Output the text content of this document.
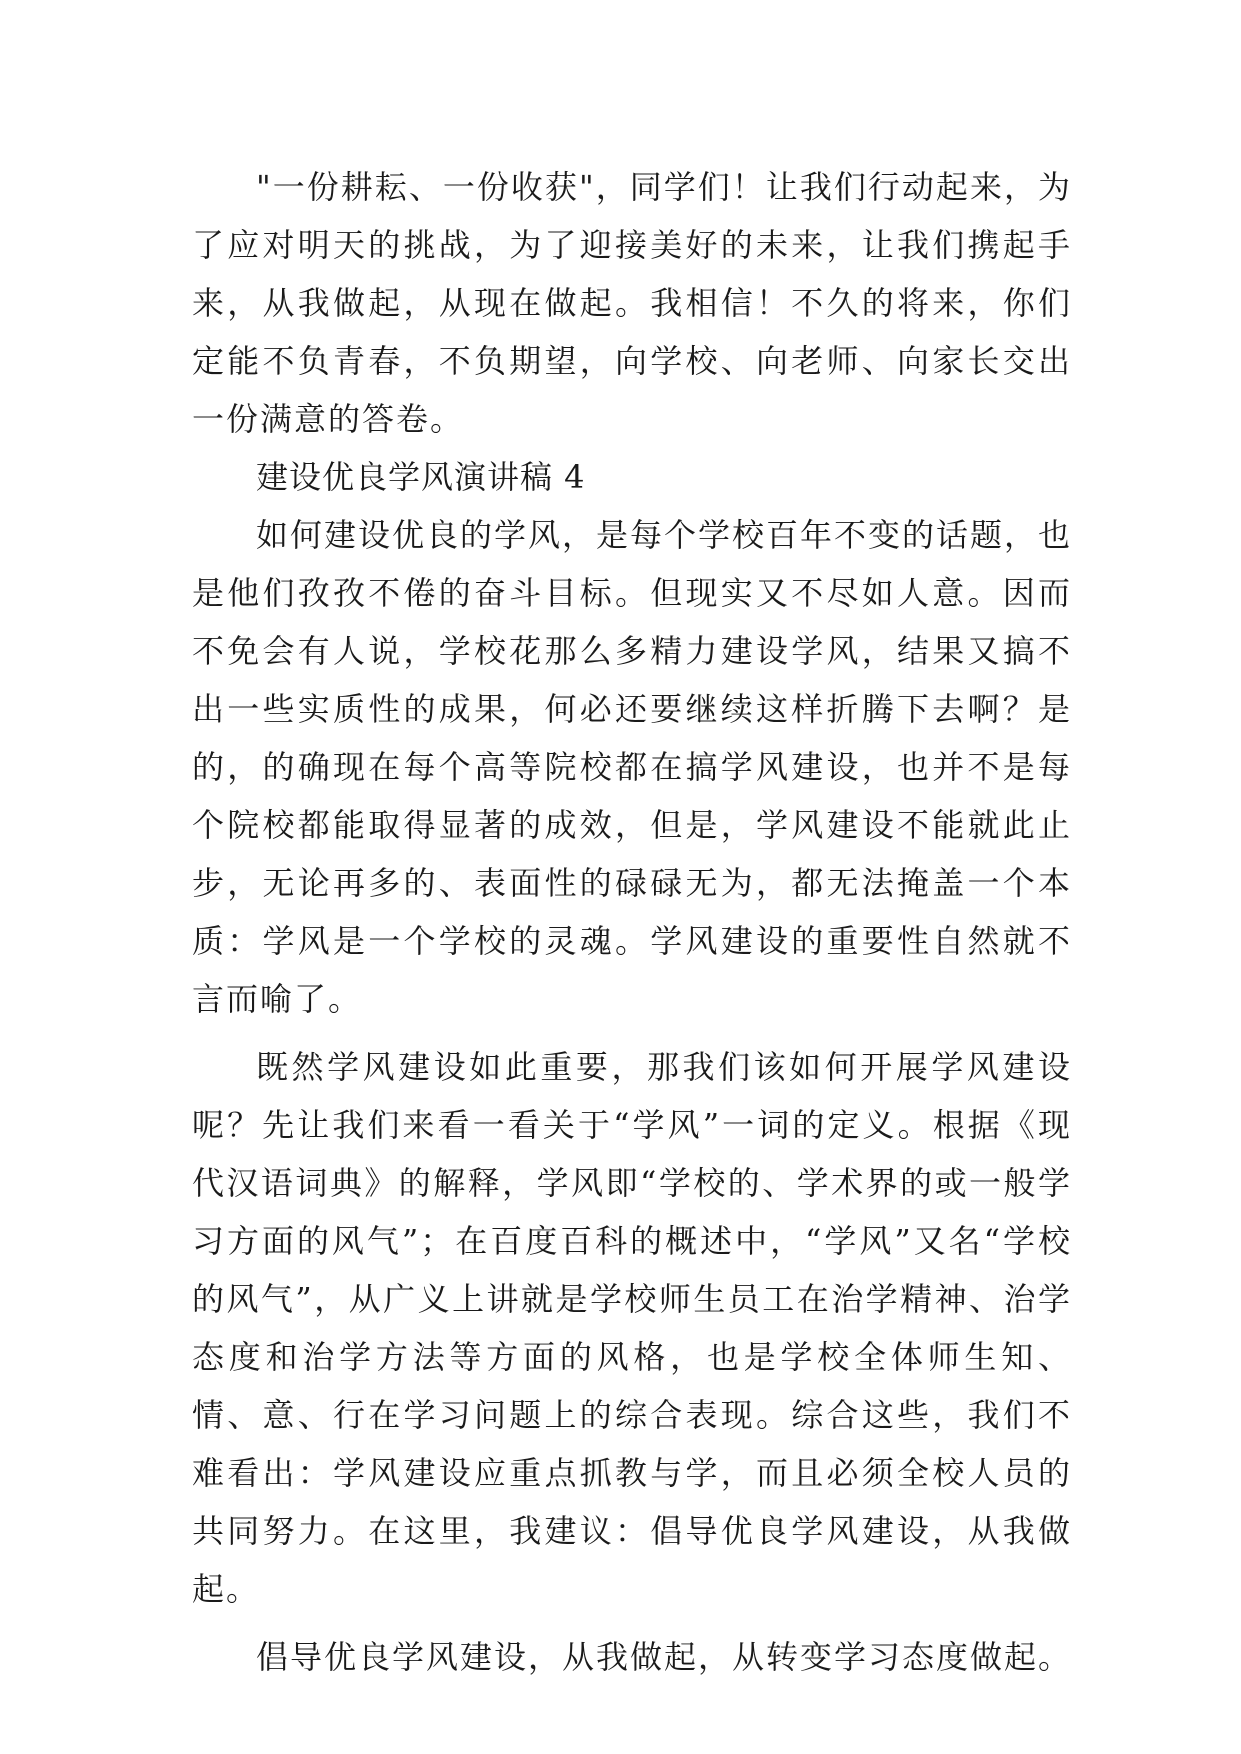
"一份耕耘、一份收获"，同学们！让我们行动起来，为了应对明天的挑战，为了迎接美好的未来，让我们携起手来，从我做起，从现在做起。我相信！不久的将来，你们定能不负青春，不负期望，向学校、向老师、向家长交出一份满意的答卷。

建设优良学风演讲稿 4

如何建设优良的学风，是每个学校百年不变的话题，也是他们孜孜不倦的奋斗目标。但现实又不尽如人意。因而不免会有人说，学校花那么多精力建设学风，结果又搞不出一些实质性的成果，何必还要继续这样折腾下去啊？是的，的确现在每个高等院校都在搞学风建设，也并不是每个院校都能取得显著的成效，但是，学风建设不能就此止步，无论再多的、表面性的碌碌无为，都无法掩盖一个本质：学风是一个学校的灵魂。学风建设的重要性自然就不言而喻了。

既然学风建设如此重要，那我们该如何开展学风建设呢？先让我们来看一看关于“学风”一词的定义。根据《现代汉语词典》的解释，学风即“学校的、学术界的或一般学习方面的风气”；在百度百科的概述中，“学风”又名“学校的风气”，从广义上讲就是学校师生员工在治学精神、治学态度和治学方法等方面的风格，也是学校全体师生知、情、意、行在学习问题上的综合表现。综合这些，我们不难看出：学风建设应重点抓教与学，而且必须全校人员的共同努力。在这里，我建议：倡导优良学风建设，从我做起。

倡导优良学风建设，从我做起，从转变学习态度做起。
